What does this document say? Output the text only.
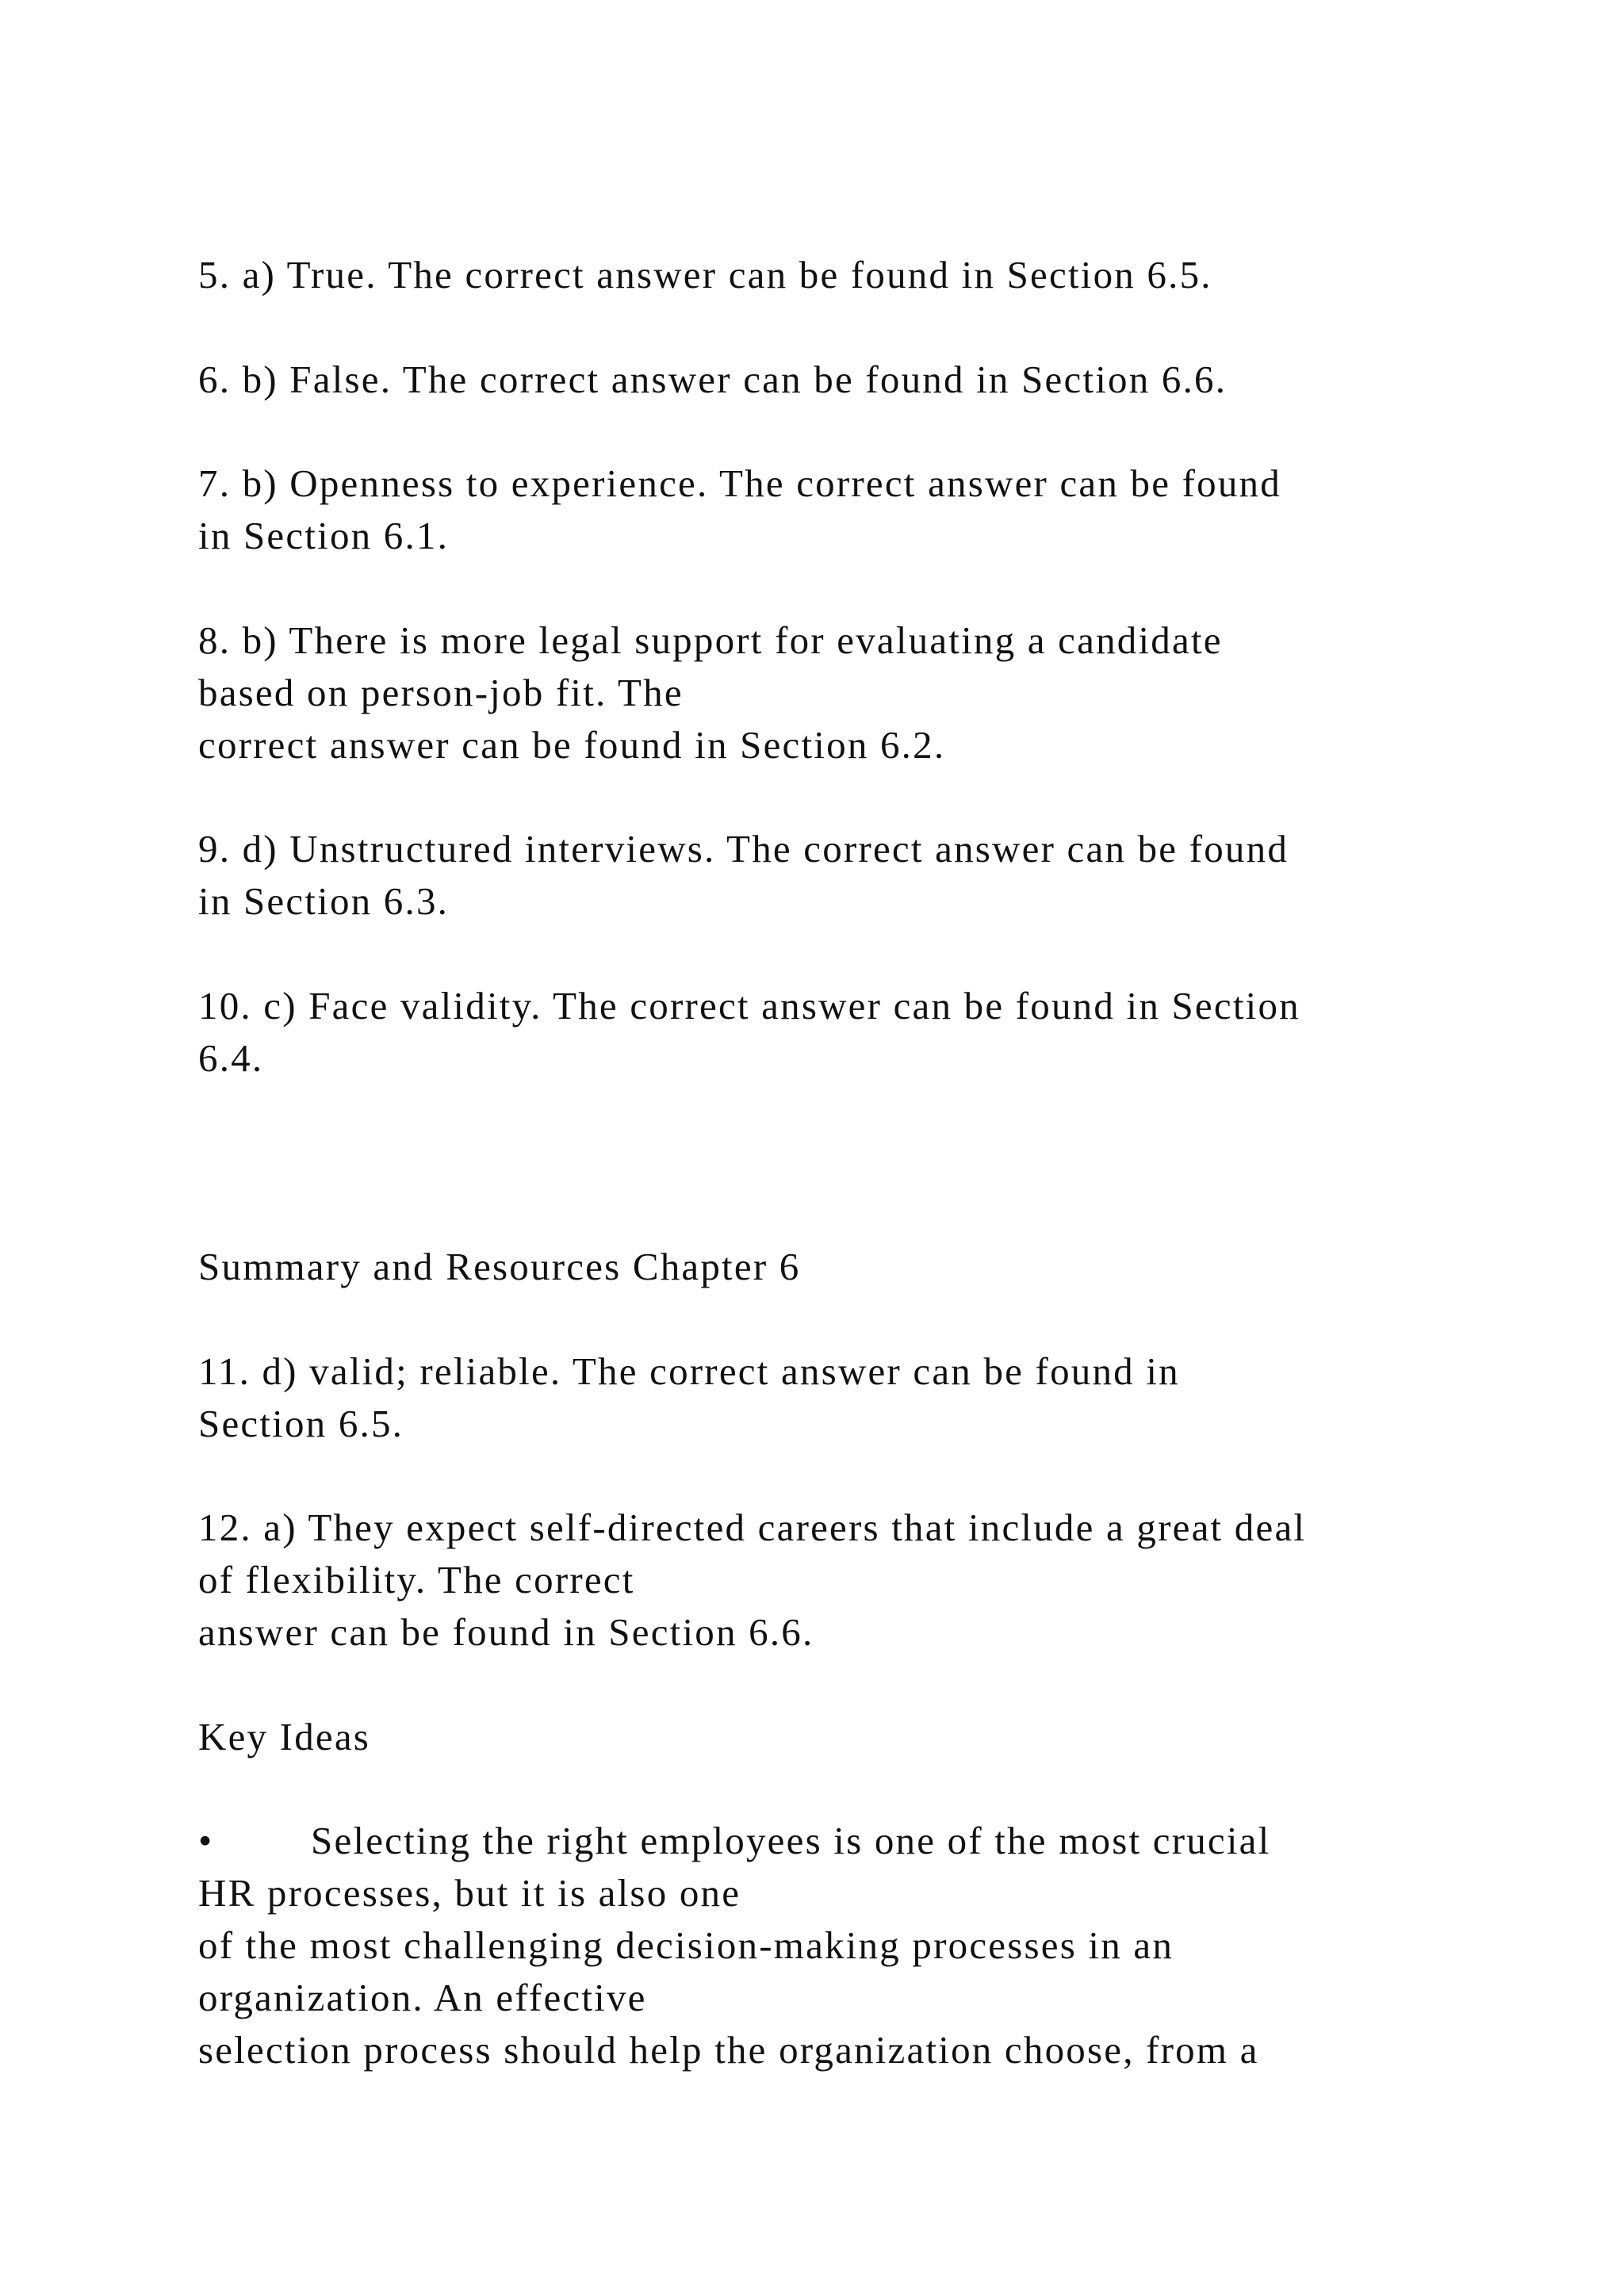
5. a) True. The correct answer can be found in Section 6.5.

6. b) False. The correct answer can be found in Section 6.6.

7. b) Openness to experience. The correct answer can be found

in Section 6.1.

8. b) There is more legal support for evaluating a candidate

based on person-job fit. The

correct answer can be found in Section 6.2.

9. d) Unstructured interviews. The correct answer can be found

in Section 6.3.

10. c) Face validity. The correct answer can be found in Section

6.4.

Summary and Resources Chapter 6

11. d) valid; reliable. The correct answer can be found in

Section 6.5.

12. a) They expect self-directed careers that include a great deal

of flexibility. The correct

answer can be found in Section 6.6.

Key Ideas

•	Selecting the right employees is one of the most crucial

HR processes, but it is also one

of the most challenging decision-making processes in an

organization. An effective

selection process should help the organization choose, from a
